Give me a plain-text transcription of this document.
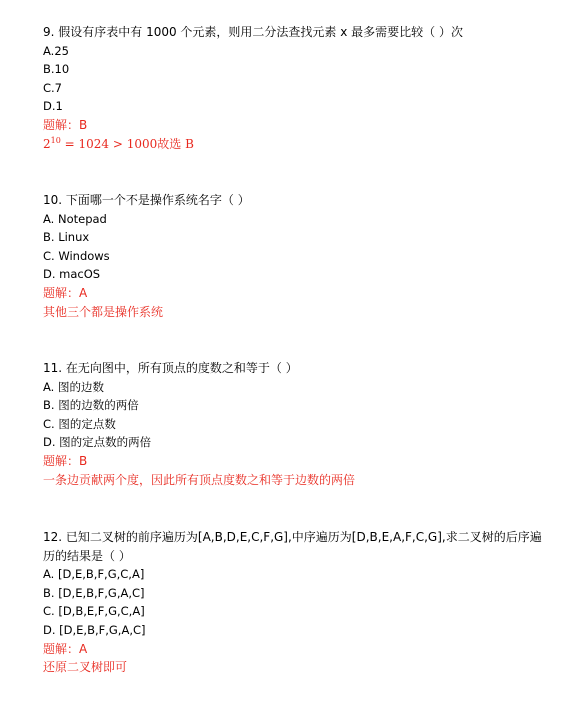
9. 假设有序表中有 1000 个元素，则用二分法查找元素 x 最多需要比较（ ）次
A.25
B.10
C.7
D.1
题解：B
$2^{10} = 1024 > 1000$故选 B
10. 下面哪一个不是操作系统名字（ ）
A. Notepad
B. Linux
C. Windows
D. macOS
题解：A
其他三个都是操作系统
11. 在无向图中，所有顶点的度数之和等于（ ）
A. 图的边数
B. 图的边数的两倍
C. 图的定点数
D. 图的定点数的两倍
题解：B
一条边贡献两个度，因此所有顶点度数之和等于边数的两倍
12. 已知二叉树的前序遍历为[A,B,D,E,C,F,G],中序遍历为[D,B,E,A,F,C,G],求二叉树的后序遍历的结果是（ ）
A. [D,E,B,F,G,C,A]
B. [D,E,B,F,G,A,C]
C. [D,B,E,F,G,C,A]
D. [D,E,B,F,G,A,C]
题解：A
还原二叉树即可
